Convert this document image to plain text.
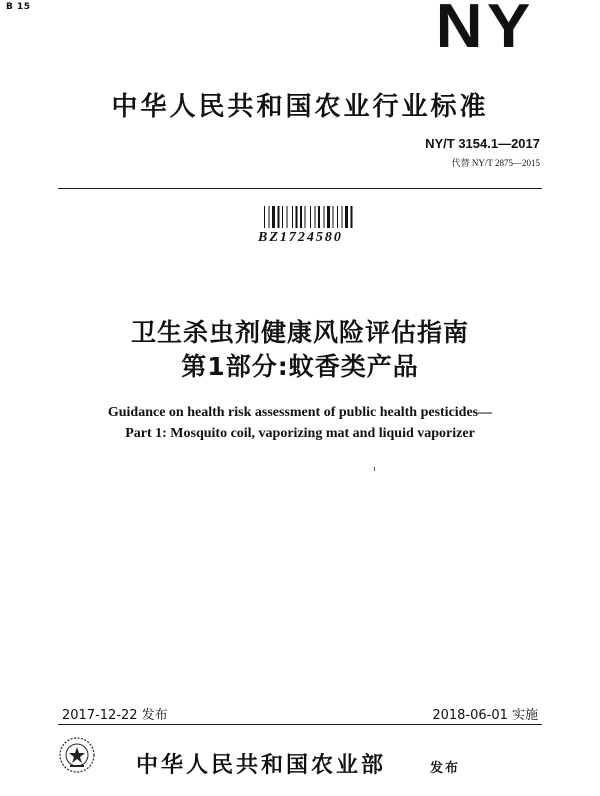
B 15	NY
中华人民共和国农业行业标准
NY/T 3154.1—2017
代替 NY/T 2875—2015
BZ1724580
卫生杀虫剂健康风险评估指南
第1部分:蚊香类产品
Guidance on health risk assessment of public health pesticides—
Part 1: Mosquito coil, vaporizing mat and liquid vaporizer
2017-12-22 发布	2018-06-01 实施
中华人民共和国农业部	发布
